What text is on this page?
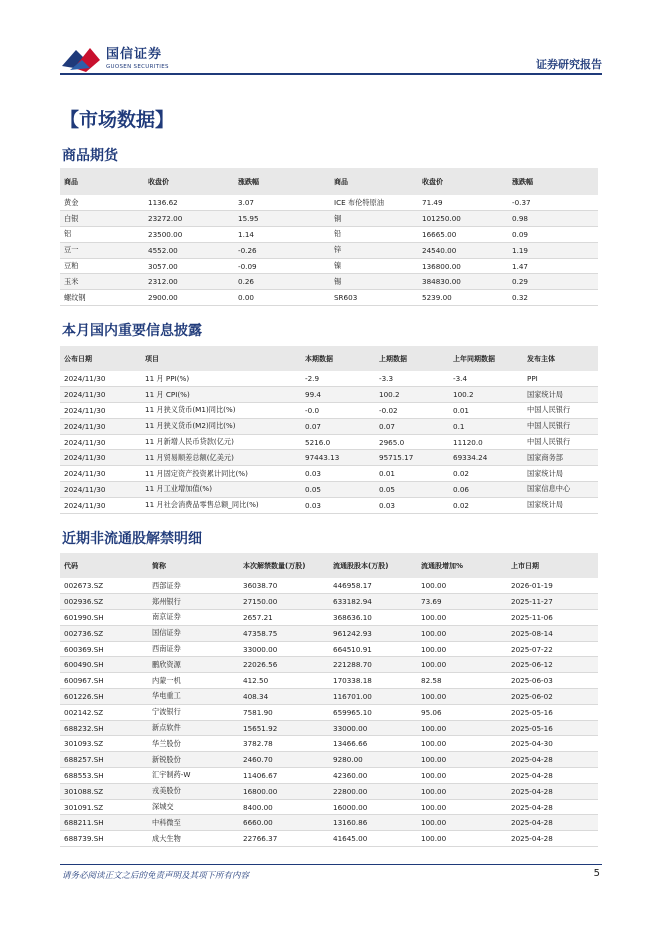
国信证券
GUOSEN SECURITIES	证券研究报告
【市场数据】
商品期货
商品	收盘价	涨跌幅	商品	收盘价	涨跌幅
黄金	1136.62	3.07	ICE 布伦特原油	71.49	-0.37
白银	23272.00	15.95	铜	101250.00	0.98
铝	23500.00	1.14	铅	16665.00	0.09
豆一	4552.00	-0.26	锌	24540.00	1.19
豆粕	3057.00	-0.09	镍	136800.00	1.47
玉米	2312.00	0.26	锡	384830.00	0.29
螺纹钢	2900.00	0.00	SR603	5239.00	0.32
本月国内重要信息披露
公布日期	项目	本期数据	上期数据	上年同期数据	发布主体
2024/11/30	11 月 PPI(%)	-2.9	-3.3	-3.4	PPI
2024/11/30	11 月 CPI(%)	99.4	100.2	100.2	国家统计局
2024/11/30	11 月狭义货币(M1)同比(%)	-0.0	-0.02	0.01	中国人民银行
2024/11/30	11 月狭义货币(M2)同比(%)	0.07	0.07	0.1	中国人民银行
2024/11/30	11 月新增人民币贷款(亿元)	5216.0	2965.0	11120.0	中国人民银行
2024/11/30	11 月贸易顺差总额(亿美元)	97443.13	95715.17	69334.24	国家商务部
2024/11/30	11 月固定资产投资累计同比(%)	0.03	0.01	0.02	国家统计局
2024/11/30	11 月工业增加值(%)	0.05	0.05	0.06	国家信息中心
2024/11/30	11 月社会消费品零售总额_同比(%)	0.03	0.03	0.02	国家统计局
近期非流通股解禁明细
代码	简称	本次解禁数量(万股)	流通股股本(万股)	流通股增加%	上市日期
002673.SZ	西部证券	36038.70	446958.17	100.00	2026-01-19
002936.SZ	郑州银行	27150.00	633182.94	73.69	2025-11-27
601990.SH	南京证券	2657.21	368636.10	100.00	2025-11-06
002736.SZ	国信证券	47358.75	961242.93	100.00	2025-08-14
600369.SH	西南证券	33000.00	664510.91	100.00	2025-07-22
600490.SH	鹏欣资源	22026.56	221288.70	100.00	2025-06-12
600967.SH	内蒙一机	412.50	170338.18	82.58	2025-06-03
601226.SH	华电重工	408.34	116701.00	100.00	2025-06-02
002142.SZ	宁波银行	7581.90	659965.10	95.06	2025-05-16
688232.SH	新点软件	15651.92	33000.00	100.00	2025-05-16
301093.SZ	华兰股份	3782.78	13466.66	100.00	2025-04-30
688257.SH	新锐股份	2460.70	9280.00	100.00	2025-04-28
688553.SH	汇宇制药-W	11406.67	42360.00	100.00	2025-04-28
301088.SZ	戎美股份	16800.00	22800.00	100.00	2025-04-28
301091.SZ	深城交	8400.00	16000.00	100.00	2025-04-28
688211.SH	中科微至	6660.00	13160.86	100.00	2025-04-28
688739.SH	成大生物	22766.37	41645.00	100.00	2025-04-28
请务必阅读正文之后的免责声明及其项下所有内容	5
